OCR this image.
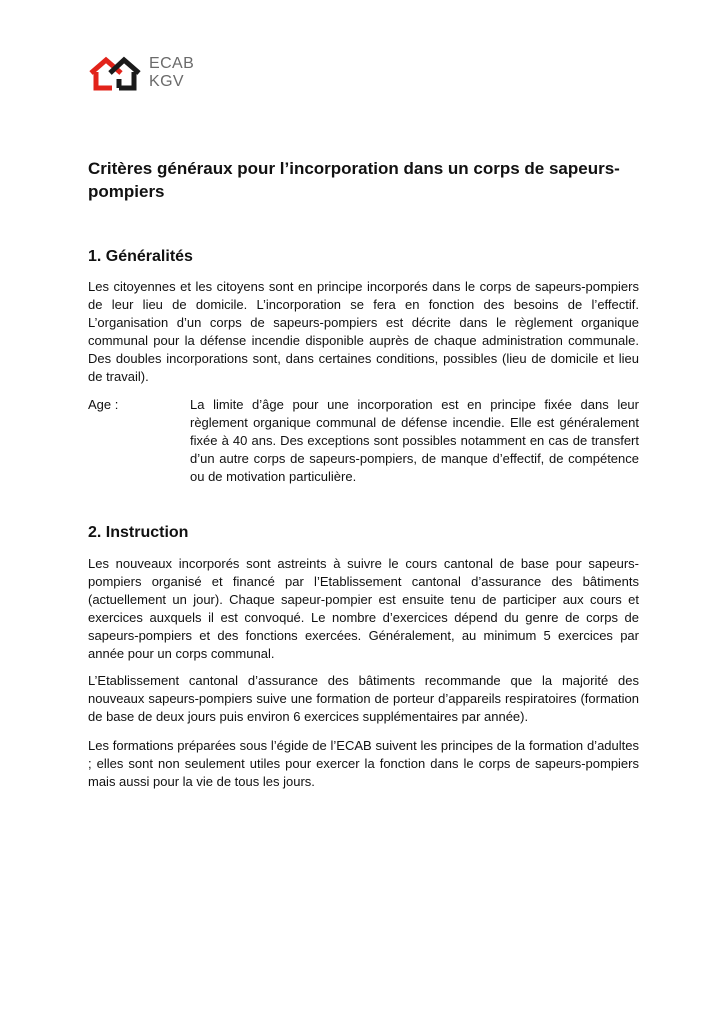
ECAB
KGV
Critères généraux pour l’incorporation dans un corps de sapeurs-pompiers
1. Généralités

Les citoyennes et les citoyens sont en principe incorporés dans le corps de sapeurs-pompiers de leur lieu de domicile. L’incorporation se fera en fonction des besoins de l’effectif. L’organisation d’un corps de sapeurs-pompiers est décrite dans le règlement organique communal pour la défense incendie disponible auprès de chaque administration communale. Des doubles incorporations sont, dans certaines conditions, possibles (lieu de domicile et lieu de travail).

Age :	La limite d’âge pour une incorporation est en principe fixée dans leur règlement organique communal de défense incendie. Elle est généralement fixée à 40 ans. Des exceptions sont possibles notamment en cas de transfert d’un autre corps de sapeurs-pompiers, de manque d’effectif, de compétence ou de motivation particulière.

2. Instruction

Les nouveaux incorporés sont astreints à suivre le cours cantonal de base pour sapeurs-pompiers organisé et financé par l’Etablissement cantonal d’assurance des bâtiments (actuellement un jour). Chaque sapeur-pompier est ensuite tenu de participer aux cours et exercices auxquels il est convoqué. Le nombre d’exercices dépend du genre de corps de sapeurs-pompiers et des fonctions exercées. Généralement, au minimum 5 exercices par année pour un corps communal.

L’Etablissement cantonal d’assurance des bâtiments recommande que la majorité des nouveaux sapeurs-pompiers suive une formation de porteur d’appareils respiratoires (formation de base de deux jours puis environ 6 exercices supplémentaires par année).

Les formations préparées sous l’égide de l’ECAB suivent les principes de la formation d’adultes ; elles sont non seulement utiles pour exercer la fonction dans le corps de sapeurs-pompiers mais aussi pour la vie de tous les jours.
